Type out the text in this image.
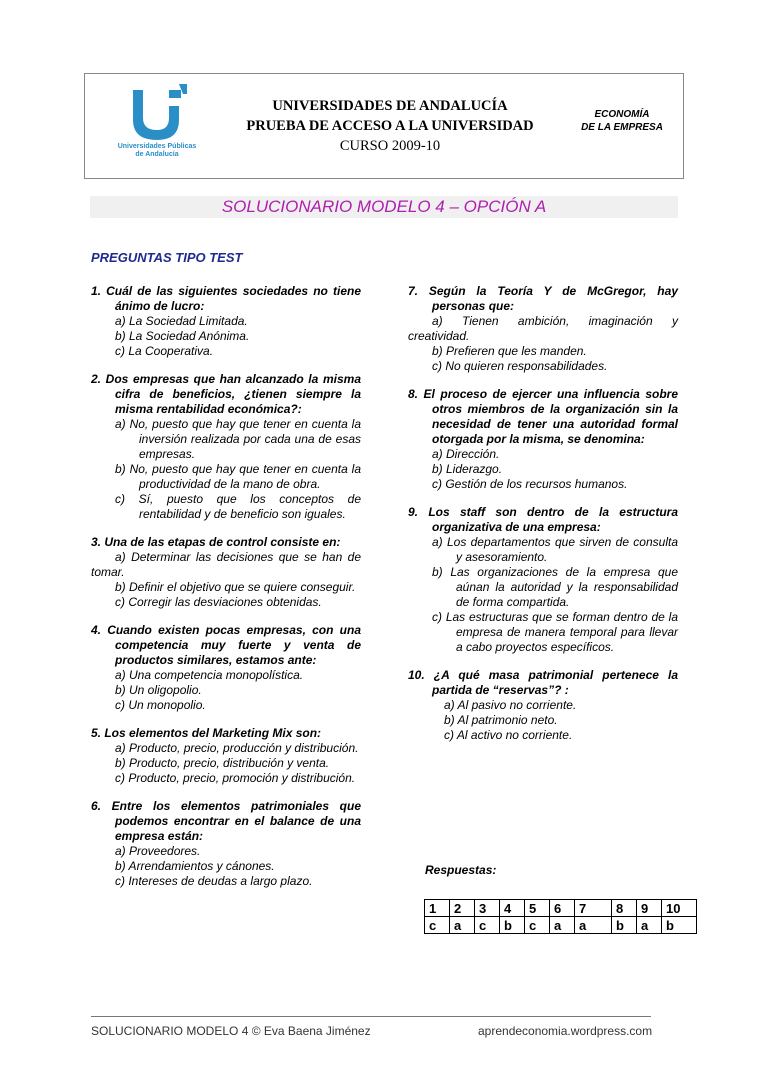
Universidades Públicas
de Andalucía
UNIVERSIDADES DE ANDALUCÍA
PRUEBA DE ACCESO A LA UNIVERSIDAD
CURSO 2009-10
ECONOMÍA
DE LA EMPRESA
SOLUCIONARIO MODELO 4 – OPCIÓN A
PREGUNTAS TIPO TEST
1. Cuál de las siguientes sociedades no tiene ánimo de lucro:
a) La Sociedad Limitada.
b) La Sociedad Anónima.
c) La Cooperativa.
2. Dos empresas que han alcanzado la misma cifra de beneficios, ¿tienen siempre la misma rentabilidad económica?:
a) No, puesto que hay que tener en cuenta la inversión realizada por cada una de esas empresas.
b) No, puesto que hay que tener en cuenta la productividad de la mano de obra.
c) Sí, puesto que los conceptos de rentabilidad y de beneficio son iguales.
3. Una de las etapas de control consiste en:
a) Determinar las decisiones que se han de tomar.
b) Definir el objetivo que se quiere conseguir.
c) Corregir las desviaciones obtenidas.
4. Cuando existen pocas empresas, con una competencia muy fuerte y venta de productos similares, estamos ante:
a) Una competencia monopolística.
b) Un oligopolio.
c) Un monopolio.
5. Los elementos del Marketing Mix son:
a) Producto, precio, producción y distribución.
b) Producto, precio, distribución y venta.
c) Producto, precio, promoción y distribución.
6. Entre los elementos patrimoniales que podemos encontrar en el balance de una empresa están:
a) Proveedores.
b) Arrendamientos y cánones.
c) Intereses de deudas a largo plazo.
7. Según la Teoría Y de McGregor, hay personas que:
a) Tienen ambición, imaginación y creatividad.
b) Prefieren que les manden.
c) No quieren responsabilidades.
8. El proceso de ejercer una influencia sobre otros miembros de la organización sin la necesidad de tener una autoridad formal otorgada por la misma, se denomina:
a) Dirección.
b) Liderazgo.
c) Gestión de los recursos humanos.
9. Los staff son dentro de la estructura organizativa de una empresa:
a) Los departamentos que sirven de consulta y asesoramiento.
b) Las organizaciones de la empresa que aúnan la autoridad y la responsabilidad de forma compartida.
c) Las estructuras que se forman dentro de la empresa de manera temporal para llevar a cabo proyectos específicos.
10. ¿A qué masa patrimonial pertenece la partida de “reservas”? :
a) Al pasivo no corriente.
b) Al patrimonio neto.
c) Al activo no corriente.
Respuestas:
1	2	3	4	5	6	7	8	9	10
c	a	c	b	c	a	a	b	a	b
SOLUCIONARIO MODELO 4 © Eva Baena Jiménez	aprendeconomia.wordpress.com
